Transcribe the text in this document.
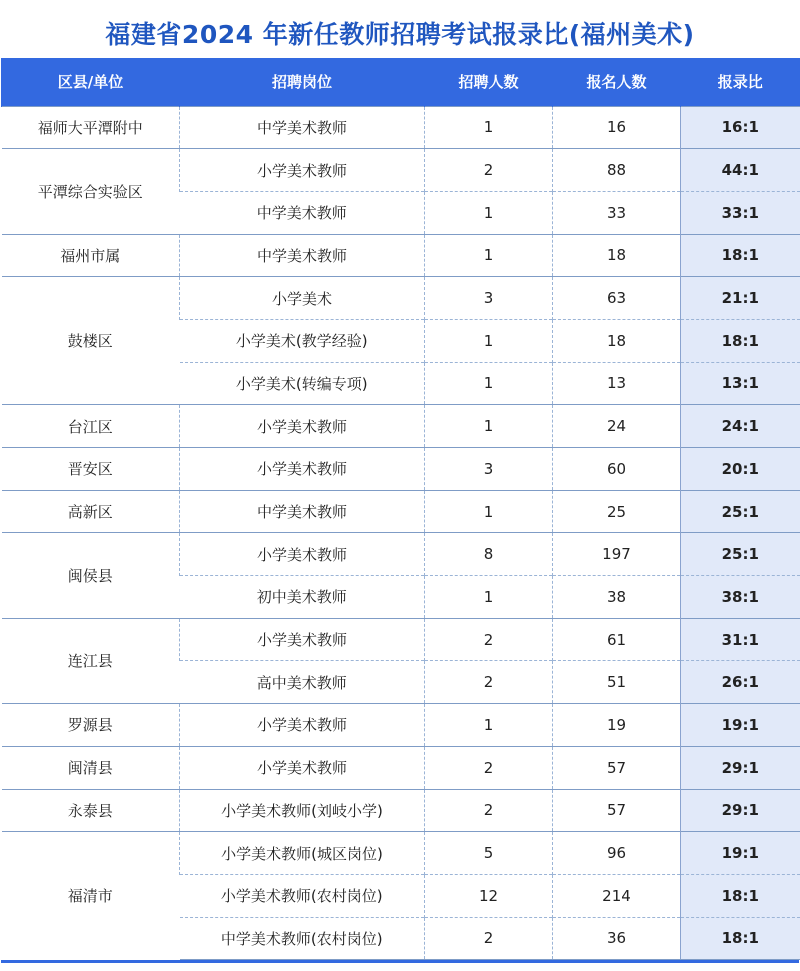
福建省2024 年新任教师招聘考试报录比(福州美术)
区县/单位	招聘岗位	招聘人数	报名人数	报录比
福师大平潭附中	中学美术教师	1	16	16:1
平潭综合实验区	小学美术教师	2	88	44:1
	中学美术教师	1	33	33:1
福州市属	中学美术教师	1	18	18:1
鼓楼区	小学美术	3	63	21:1
	小学美术(教学经验)	1	18	18:1
	小学美术(转编专项)	1	13	13:1
台江区	小学美术教师	1	24	24:1
晋安区	小学美术教师	3	60	20:1
高新区	中学美术教师	1	25	25:1
闽侯县	小学美术教师	8	197	25:1
	初中美术教师	1	38	38:1
连江县	小学美术教师	2	61	31:1
	高中美术教师	2	51	26:1
罗源县	小学美术教师	1	19	19:1
闽清县	小学美术教师	2	57	29:1
永泰县	小学美术教师(刘岐小学)	2	57	29:1
福清市	小学美术教师(城区岗位)	5	96	19:1
	小学美术教师(农村岗位)	12	214	18:1
	中学美术教师(农村岗位)	2	36	18:1
